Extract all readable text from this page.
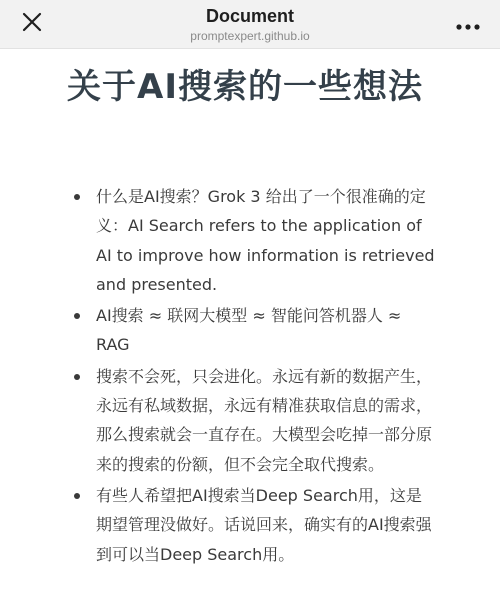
Document
promptexpert.github.io
关于AI搜索的一些想法
什么是AI搜索？Grok 3 给出了一个很准确的定义：AI Search refers to the application of AI to improve how information is retrieved and presented.
AI搜索 ≈ 联网大模型 ≈ 智能问答机器人 ≈ RAG
搜索不会死，只会进化。永远有新的数据产生，永远有私域数据，永远有精准获取信息的需求，那么搜索就会一直存在。大模型会吃掉一部分原来的搜索的份额，但不会完全取代搜索。
有些人希望把AI搜索当Deep Search用，这是期望管理没做好。话说回来，确实有的AI搜索强到可以当Deep Search用。
